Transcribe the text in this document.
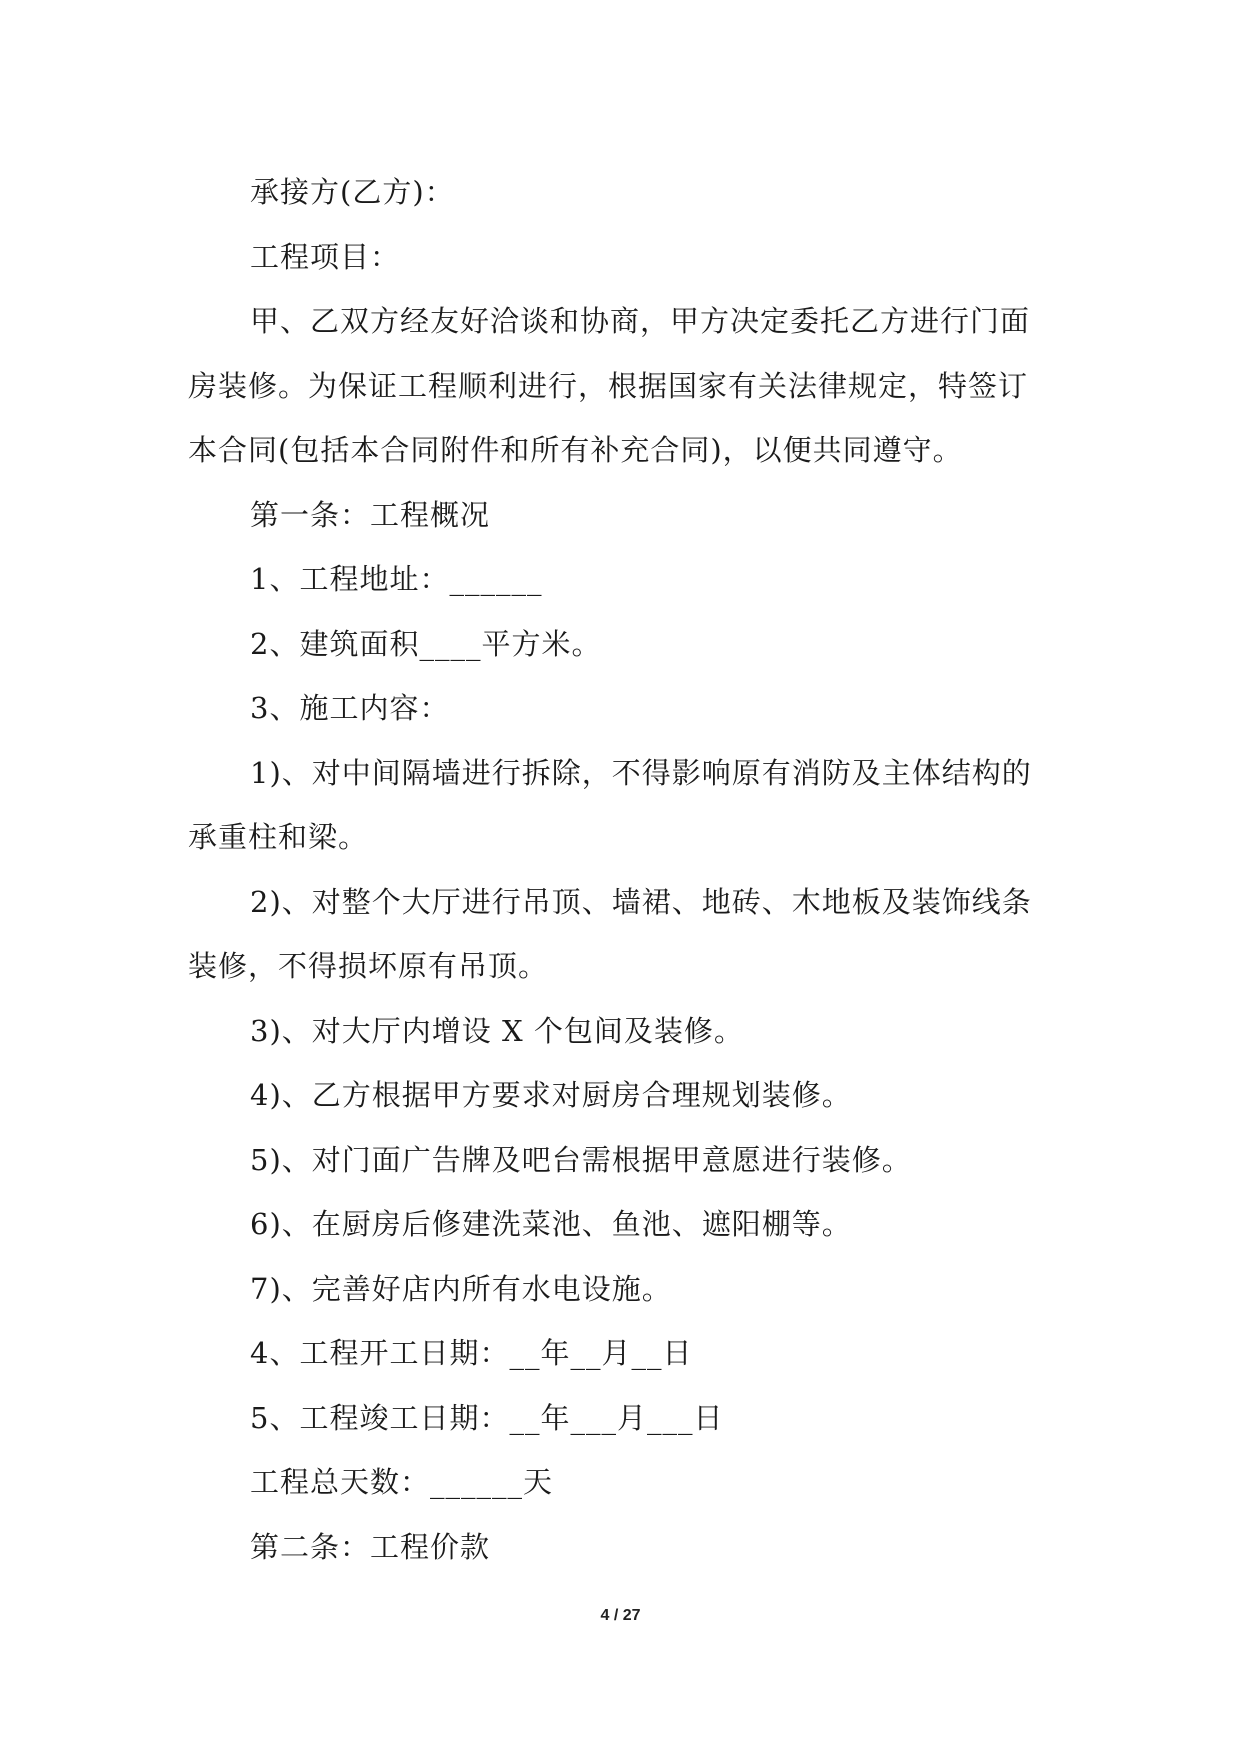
承接方(乙方)：
工程项目：
甲、乙双方经友好洽谈和协商，甲方决定委托乙方进行门面
房装修。为保证工程顺利进行，根据国家有关法律规定，特签订
本合同(包括本合同附件和所有补充合同)，以便共同遵守。
第一条：工程概况
1、工程地址：______
2、建筑面积____平方米。
3、施工内容：
1)、对中间隔墙进行拆除，不得影响原有消防及主体结构的
承重柱和梁。
2)、对整个大厅进行吊顶、墙裙、地砖、木地板及装饰线条
装修，不得损坏原有吊顶。
3)、对大厅内增设 X 个包间及装修。
4)、乙方根据甲方要求对厨房合理规划装修。
5)、对门面广告牌及吧台需根据甲意愿进行装修。
6)、在厨房后修建洗菜池、鱼池、遮阳棚等。
7)、完善好店内所有水电设施。
4、工程开工日期：__年__月__日
5、工程竣工日期：__年___月___日
工程总天数：______天
第二条：工程价款
4 / 27
